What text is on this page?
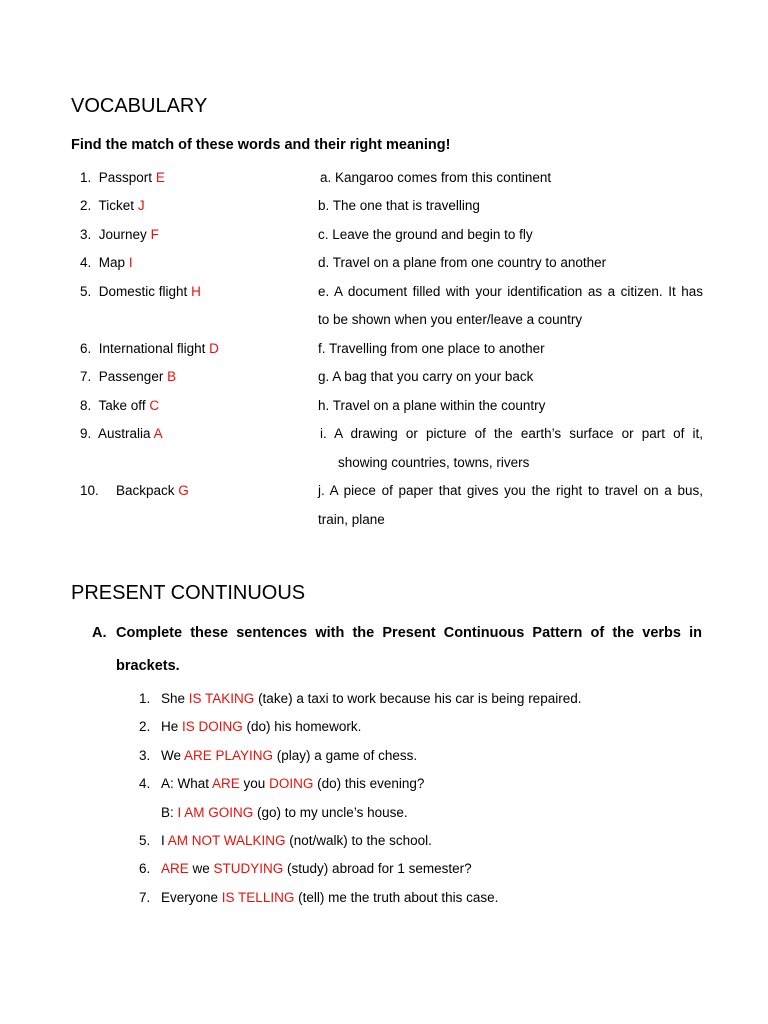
VOCABULARY
Find the match of these words and their right meaning!
1. Passport E
2. Ticket J
3. Journey F
4. Map I
5. Domestic flight H
6. International flight D
7. Passenger B
8. Take off C
9. Australia A
10. Backpack G
a. Kangaroo comes from this continent
b. The one that is travelling
c. Leave the ground and begin to fly
d. Travel on a plane from one country to another
e. A document filled with your identification as a citizen. It has
to be shown when you enter/leave a country
f. Travelling from one place to another
g. A bag that you carry on your back
h. Travel on a plane within the country
i. A drawing or picture of the earth’s surface or part of it,
showing countries, towns, rivers
j. A piece of paper that gives you the right to travel on a bus,
train, plane
PRESENT CONTINUOUS
A. Complete these sentences with the Present Continuous Pattern of the verbs in
brackets.
1. She IS TAKING (take) a taxi to work because his car is being repaired.
2. He IS DOING (do) his homework.
3. We ARE PLAYING (play) a game of chess.
4. A: What ARE you DOING (do) this evening?
B: I AM GOING (go) to my uncle’s house.
5. I AM NOT WALKING (not/walk) to the school.
6. ARE we STUDYING (study) abroad for 1 semester?
7. Everyone IS TELLING (tell) me the truth about this case.
